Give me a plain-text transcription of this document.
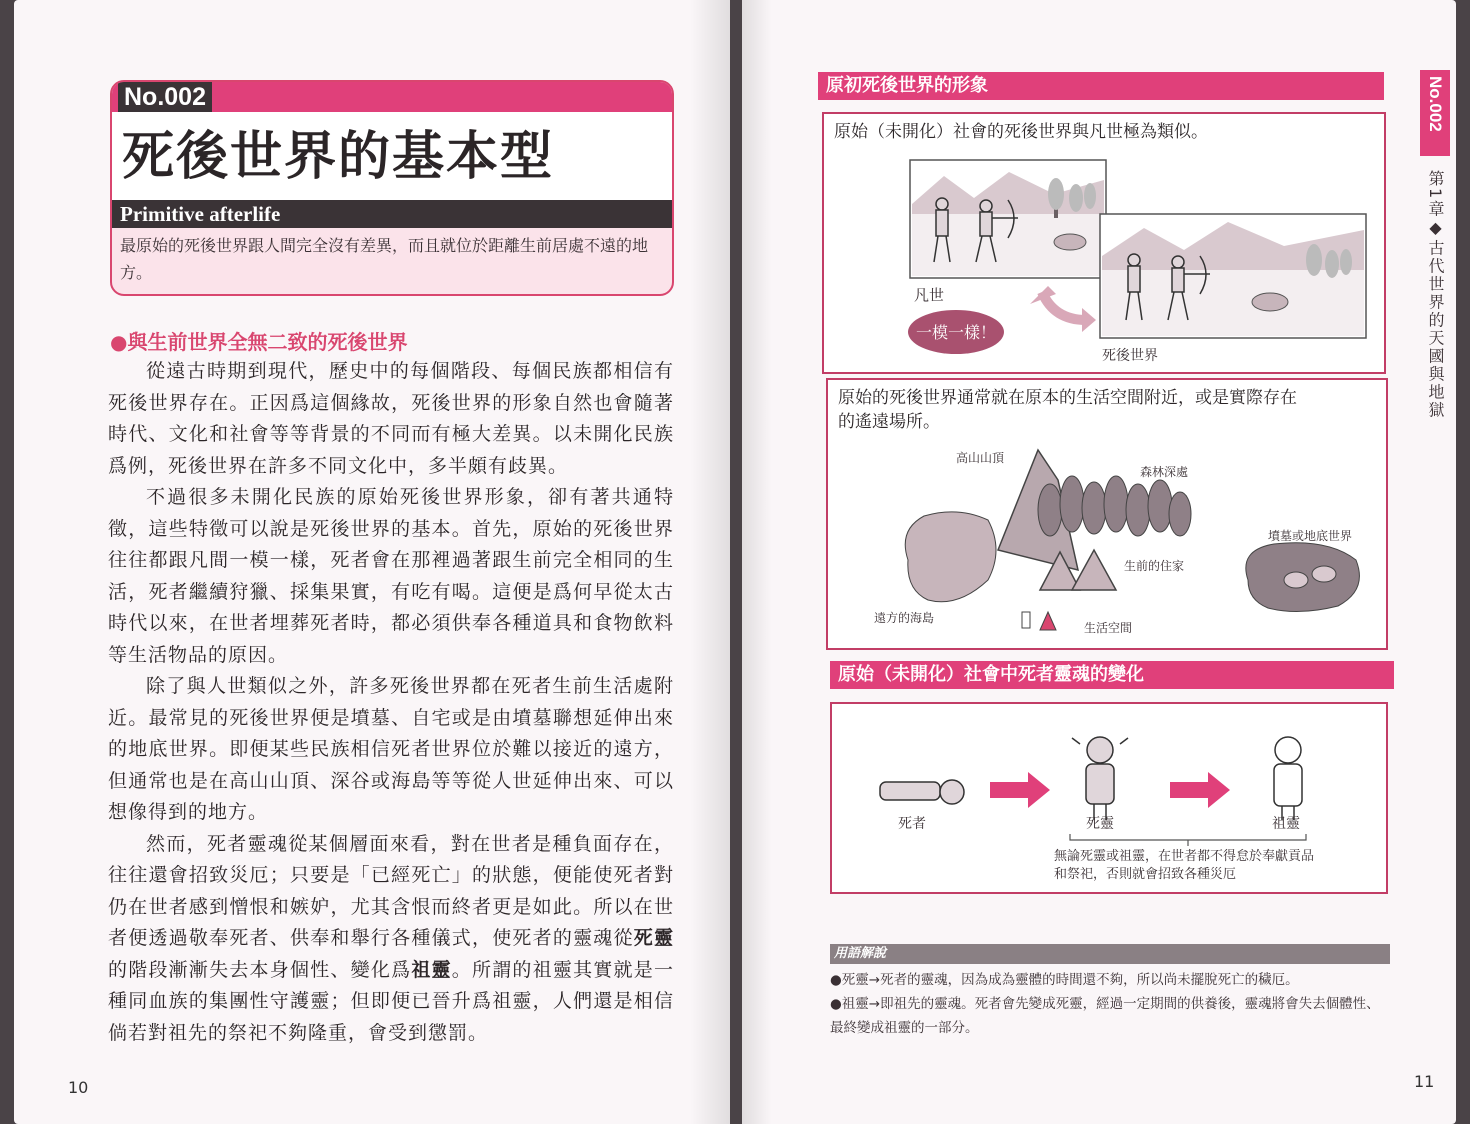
No.002
死後世界的基本型
Primitive afterlife
最原始的死後世界跟人間完全沒有差異，而且就位於距離生前居處不遠的地方。
●與生前世界全無二致的死後世界

從遠古時期到現代，歷史中的每個階段、每個民族都相信有死後世界存在。正因爲這個緣故，死後世界的形象自然也會隨著時代、文化和社會等等背景的不同而有極大差異。以未開化民族爲例，死後世界在許多不同文化中，多半頗有歧異。

不過很多未開化民族的原始死後世界形象，卻有著共通特徵，這些特徵可以說是死後世界的基本。首先，原始的死後世界往往都跟凡間一模一樣，死者會在那裡過著跟生前完全相同的生活，死者繼續狩獵、採集果實，有吃有喝。這便是爲何早從太古時代以來，在世者埋葬死者時，都必須供奉各種道具和食物飲料等生活物品的原因。

除了與人世類似之外，許多死後世界都在死者生前生活處附近。最常見的死後世界便是墳墓、自宅或是由墳墓聯想延伸出來的地底世界。即便某些民族相信死者世界位於難以接近的遠方，但通常也是在高山山頂、深谷或海島等等從人世延伸出來、可以想像得到的地方。

然而，死者靈魂從某個層面來看，對在世者是種負面存在，往往還會招致災厄；只要是「已經死亡」的狀態，便能使死者對仍在世者感到憎恨和嫉妒，尤其含恨而終者更是如此。所以在世者便透過敬奉死者、供奉和舉行各種儀式，使死者的靈魂從死靈的階段漸漸失去本身個性、變化爲祖靈。所謂的祖靈其實就是一種同血族的集團性守護靈；但即便已晉升爲祖靈，人們還是相信倘若對祖先的祭祀不夠隆重，會受到懲罰。

10
原初死後世界的形象
原始（未開化）社會的死後世界與凡世極為類似。
凡世
一模一樣！
死後世界
原始的死後世界通常就在原本的生活空間附近，或是實際存在
的遙遠場所。
高山山頂
森林深處
遠方的海島
生前的住家
生活空間
墳墓或地底世界
原始（未開化）社會中死者靈魂的變化
死者	死靈	祖靈
無論死靈或祖靈，在世者都不得怠於奉獻貢品
和祭祀，否則就會招致各種災厄
No.002
第1章◆古代世界的天國與地獄
用語解說

●死靈→死者的靈魂，因為成為靈體的時間還不夠，所以尚未擺脫死亡的穢厄。

●祖靈→即祖先的靈魂。死者會先變成死靈，經過一定期間的供養後，靈魂將會失去個體性、最終變成祖靈的一部分。

11
